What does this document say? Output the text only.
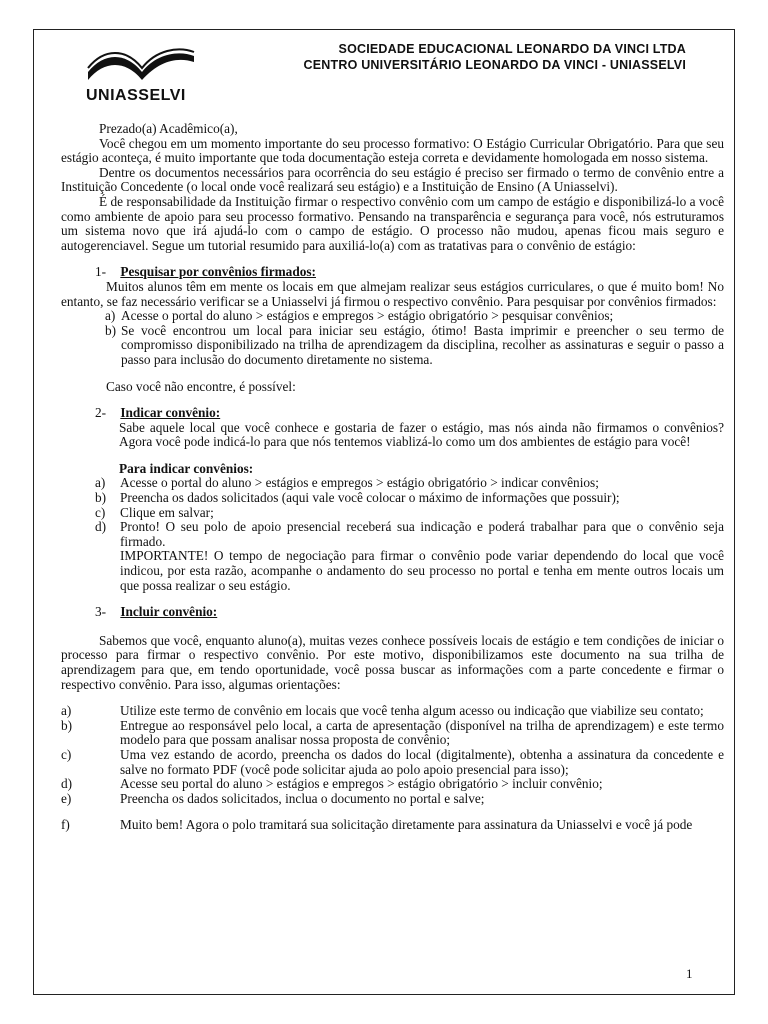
UNIASSELVI
SOCIEDADE EDUCACIONAL LEONARDO DA VINCI LTDA
CENTRO UNIVERSITÁRIO LEONARDO DA VINCI - UNIASSELVI

Prezado(a) Acadêmico(a),

Você chegou em um momento importante do seu processo formativo: O Estágio Curricular Obrigatório. Para que seu estágio aconteça, é muito importante que toda documentação esteja correta e devidamente homologada em nosso sistema.

Dentre os documentos necessários para ocorrência do seu estágio é preciso ser firmado o termo de convênio entre a Instituição Concedente (o local onde você realizará seu estágio) e a Instituição de Ensino (A Uniasselvi).

É de responsabilidade da Instituição firmar o respectivo convênio com um campo de estágio e disponibilizá-lo a você como ambiente de apoio para seu processo formativo. Pensando na transparência e segurança para você, nós estruturamos um sistema novo que irá ajudá-lo com o campo de estágio. O processo não mudou, apenas ficou mais seguro e autogerenciavel. Segue um tutorial resumido para auxiliá-lo(a) com as tratativas para o convênio de estágio:

1- Pesquisar por convênios firmados:

Muitos alunos têm em mente os locais em que almejam realizar seus estágios curriculares, o que é muito bom! No entanto, se faz necessário verificar se a Uniasselvi já firmou o respectivo convênio. Para pesquisar por convênios firmados:

a) Acesse o portal do aluno > estágios e empregos > estágio obrigatório > pesquisar convênios;
b) Se você encontrou um local para iniciar seu estágio, ótimo! Basta imprimir e preencher o seu termo de compromisso disponibilizado na trilha de aprendizagem da disciplina, recolher as assinaturas e seguir o passo a passo para inclusão do documento diretamente no sistema.

Caso você não encontre, é possível:

2- Indicar convênio:

Sabe aquele local que você conhece e gostaria de fazer o estágio, mas nós ainda não firmamos o convênios? Agora você pode indicá-lo para que nós tentemos viablizá-lo como um dos ambientes de estágio para você!

Para indicar convênios:

a) Acesse o portal do aluno > estágios e empregos > estágio obrigatório > indicar convênios;
b) Preencha os dados solicitados (aqui vale você colocar o máximo de informações que possuir);
c) Clique em salvar;
d) Pronto! O seu polo de apoio presencial receberá sua indicação e poderá trabalhar para que o convênio seja firmado.

IMPORTANTE! O tempo de negociação para firmar o convênio pode variar dependendo do local que você indicou, por esta razão, acompanhe o andamento do seu processo no portal e tenha em mente outros locais um que possa realizar o seu estágio.

3- Incluir convênio:

Sabemos que você, enquanto aluno(a), muitas vezes conhece possíveis locais de estágio e tem condições de iniciar o processo para firmar o respectivo convênio. Por este motivo, disponibilizamos este documento na sua trilha de aprendizagem para que, em tendo oportunidade, você possa buscar as informações com a parte concedente e firmar o respectivo convênio. Para isso, algumas orientações:

a)	Utilize este termo de convênio em locais que você tenha algum acesso ou indicação que viabilize seu contato;
b)	Entregue ao responsável pelo local, a carta de apresentação (disponível na trilha de aprendizagem) e este termo modelo para que possam analisar nossa proposta de convênio;
c)	Uma vez estando de acordo, preencha os dados do local (digitalmente), obtenha a assinatura da concedente e salve no formato PDF (você pode solicitar ajuda ao polo apoio presencial para isso);
d)	Acesse seu portal do aluno > estágios e empregos > estágio obrigatório > incluir convênio;
e)	Preencha os dados solicitados, inclua o documento no portal e salve;
f)	Muito bem! Agora o polo tramitará sua solicitação diretamente para assinatura da Uniasselvi e você já pode
1
